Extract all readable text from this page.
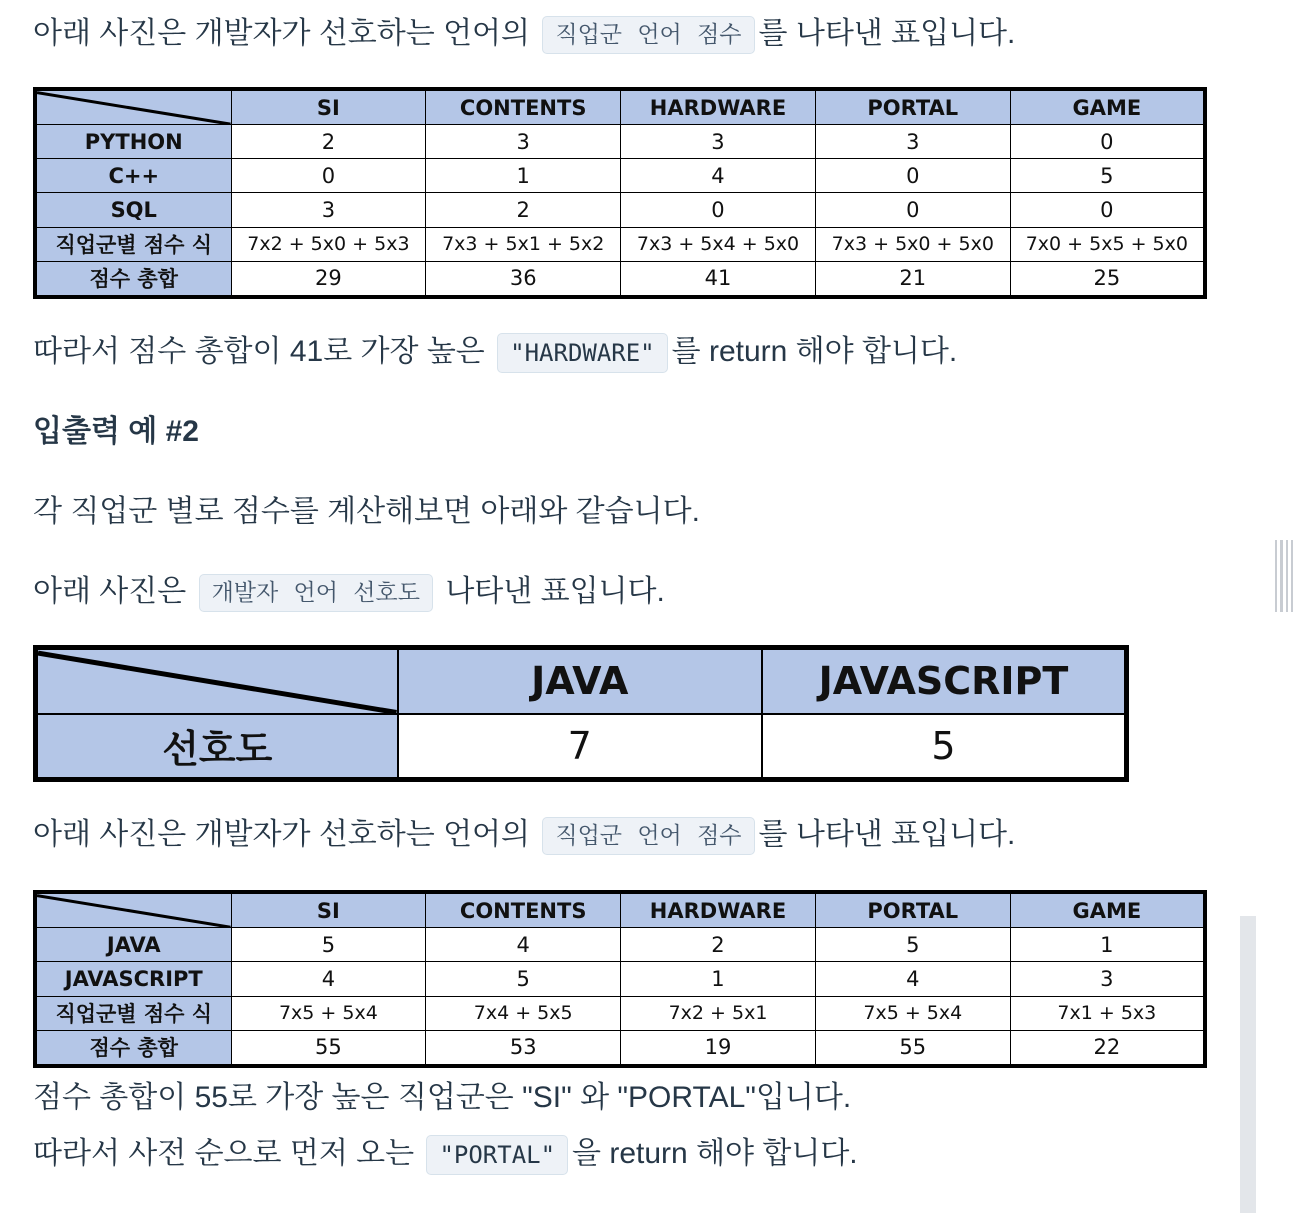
아래 사진은 개발자가 선호하는 언어의 직업군 언어 점수 를 나타낸 표입니다.

	SI	CONTENTS	HARDWARE	PORTAL	GAME
PYTHON	2	3	3	3	0
C++	0	1	4	0	5
SQL	3	2	0	0	0
직업군별 점수 식	7x2 + 5x0 + 5x3	7x3 + 5x1 + 5x2	7x3 + 5x4 + 5x0	7x3 + 5x0 + 5x0	7x0 + 5x5 + 5x0
점수 총합	29	36	41	21	25

따라서 점수 총합이 41로 가장 높은 "HARDWARE" 를 return 해야 합니다.

입출력 예 #2

각 직업군 별로 점수를 계산해보면 아래와 같습니다.

아래 사진은 개발자 언어 선호도 나타낸 표입니다.

	JAVA	JAVASCRIPT
선호도	7	5

아래 사진은 개발자가 선호하는 언어의 직업군 언어 점수 를 나타낸 표입니다.

	SI	CONTENTS	HARDWARE	PORTAL	GAME
JAVA	5	4	2	5	1
JAVASCRIPT	4	5	1	4	3
직업군별 점수 식	7x5 + 5x4	7x4 + 5x5	7x2 + 5x1	7x5 + 5x4	7x1 + 5x3
점수 총합	55	53	19	55	22

점수 총합이 55로 가장 높은 직업군은 "SI" 와 "PORTAL"입니다.

따라서 사전 순으로 먼저 오는 "PORTAL" 을 return 해야 합니다.
